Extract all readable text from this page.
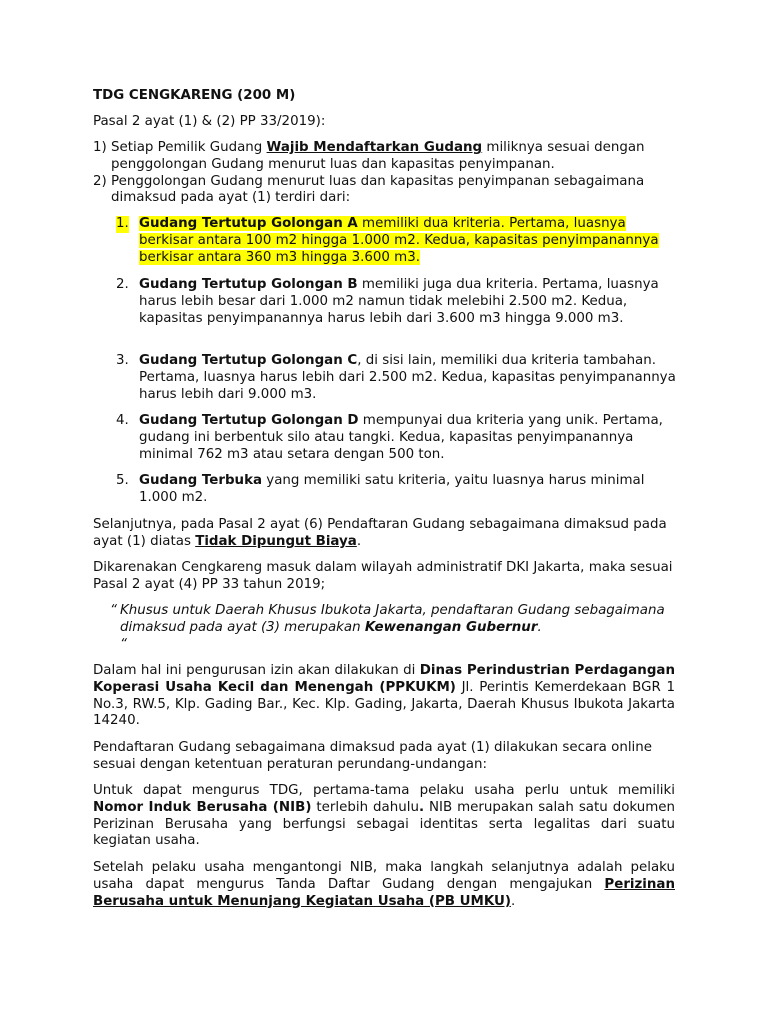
TDG CENGKARENG (200 M)
Pasal 2 ayat (1) & (2) PP 33/2019):
1) Setiap Pemilik Gudang Wajib Mendaftarkan Gudang miliknya sesuai dengan penggolongan Gudang menurut luas dan kapasitas penyimpanan.
2) Penggolongan Gudang menurut luas dan kapasitas penyimpanan sebagaimana dimaksud pada ayat (1) terdiri dari:
1. Gudang Tertutup Golongan A memiliki dua kriteria. Pertama, luasnya berkisar antara 100 m2 hingga 1.000 m2. Kedua, kapasitas penyimpanannya berkisar antara 360 m3 hingga 3.600 m3.
2. Gudang Tertutup Golongan B memiliki juga dua kriteria. Pertama, luasnya harus lebih besar dari 1.000 m2 namun tidak melebihi 2.500 m2. Kedua, kapasitas penyimpanannya harus lebih dari 3.600 m3 hingga 9.000 m3.
3. Gudang Tertutup Golongan C, di sisi lain, memiliki dua kriteria tambahan. Pertama, luasnya harus lebih dari 2.500 m2. Kedua, kapasitas penyimpanannya harus lebih dari 9.000 m3.
4. Gudang Tertutup Golongan D mempunyai dua kriteria yang unik. Pertama, gudang ini berbentuk silo atau tangki. Kedua, kapasitas penyimpanannya minimal 762 m3 atau setara dengan 500 ton.
5. Gudang Terbuka yang memiliki satu kriteria, yaitu luasnya harus minimal 1.000 m2.
Selanjutnya, pada Pasal 2 ayat (6) Pendaftaran Gudang sebagaimana dimaksud pada ayat (1) diatas Tidak Dipungut Biaya.
Dikarenakan Cengkareng masuk dalam wilayah administratif DKI Jakarta, maka sesuai Pasal 2 ayat (4) PP 33 tahun 2019;
“ Khusus untuk Daerah Khusus Ibukota Jakarta, pendaftaran Gudang sebagaimana dimaksud pada ayat (3) merupakan Kewenangan Gubernur.
“
Dalam hal ini pengurusan izin akan dilakukan di Dinas Perindustrian Perdagangan Koperasi Usaha Kecil dan Menengah (PPKUKM) Jl. Perintis Kemerdekaan BGR 1 No.3, RW.5, Klp. Gading Bar., Kec. Klp. Gading, Jakarta, Daerah Khusus Ibukota Jakarta 14240.
Pendaftaran Gudang sebagaimana dimaksud pada ayat (1) dilakukan secara online sesuai dengan ketentuan peraturan perundang-undangan:
Untuk dapat mengurus TDG, pertama-tama pelaku usaha perlu untuk memiliki Nomor Induk Berusaha (NIB) terlebih dahulu. NIB merupakan salah satu dokumen Perizinan Berusaha yang berfungsi sebagai identitas serta legalitas dari suatu kegiatan usaha.
Setelah pelaku usaha mengantongi NIB, maka langkah selanjutnya adalah pelaku usaha dapat mengurus Tanda Daftar Gudang dengan mengajukan Perizinan Berusaha untuk Menunjang Kegiatan Usaha (PB UMKU).
